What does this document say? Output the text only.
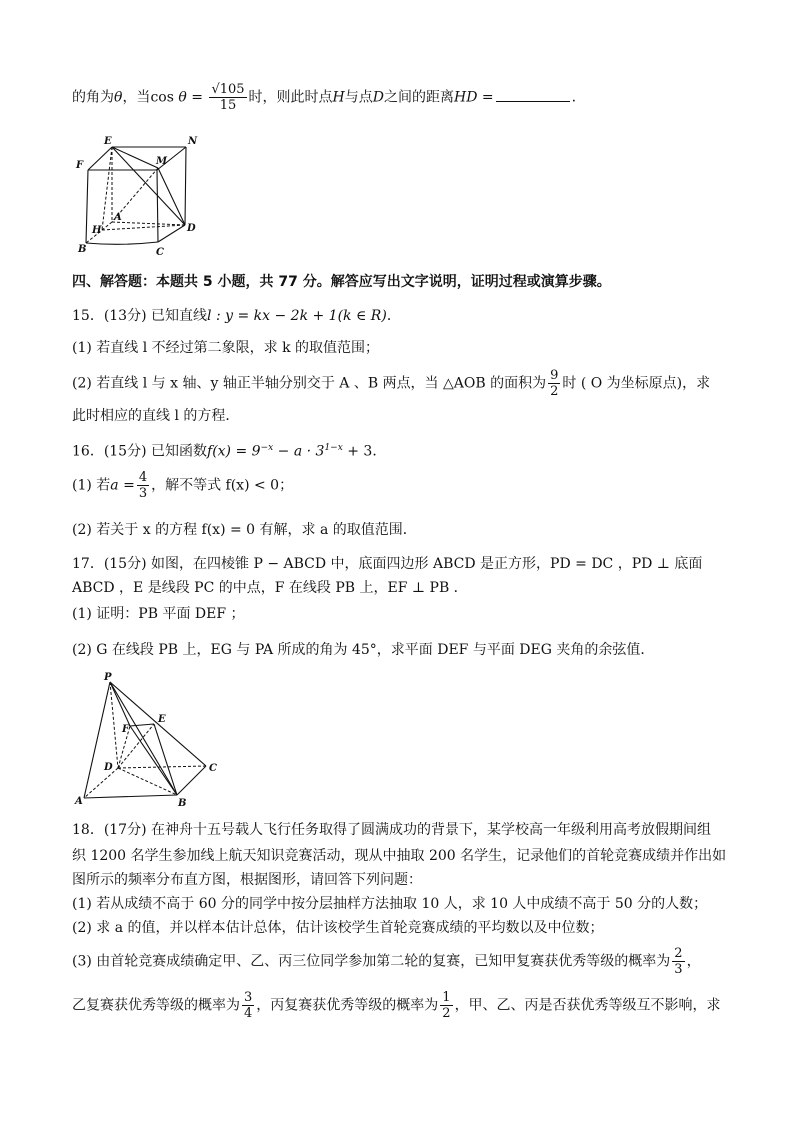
的角为θ，当$\cos \theta = \frac{√105}{15}$ 时，则此时点H与点D之间的距离HD =	.
E	N
F	M
A
H	D
B	C
四、解答题：本题共 5 小题，共 77 分。解答应写出文字说明，证明过程或演算步骤。
15．(13分) 已知直线l : y = kx − 2k + 1(k ∈ R)．
(1) 若直线 l 不经过第二象限，求 k 的取值范围；
(2) 若直线 l 与 x 轴、y 轴正半轴分别交于 A 、B 两点，当 △AOB 的面积为 $\frac{9}{2}$ 时 ( O 为坐标原点)，求
此时相应的直线 l 的方程．
16．(15分) 已知函数$f(x) = 9^{-x} - a \cdot 3^{1-x} + 3$．
(1) 若$a = \frac{4}{3}$ ，解不等式 f(x) < 0；
(2) 若关于 x 的方程 f(x) = 0 有解，求 a 的取值范围．
17．(15分) 如图，在四棱锥 P − ABCD 中，底面四边形 ABCD 是正方形，PD = DC ，PD ⊥ 底面
ABCD ，E 是线段 PC 的中点，F 在线段 PB 上，EF ⊥ PB ．
(1) 证明：PB 平面 DEF ；
(2) G 在线段 PB 上，EG 与 PA 所成的角为 45°，求平面 DEF 与平面 DEG 夹角的余弦值．
P
E
F
D	C
A	B
18．(17分) 在神舟十五号载人飞行任务取得了圆满成功的背景下，某学校高一年级利用高考放假期间组
织 1200 名学生参加线上航天知识竞赛活动，现从中抽取 200 名学生，记录他们的首轮竞赛成绩并作出如
图所示的频率分布直方图，根据图形，请回答下列问题：
(1) 若从成绩不高于 60 分的同学中按分层抽样方法抽取 10 人，求 10 人中成绩不高于 50 分的人数；
(2) 求 a 的值，并以样本估计总体，估计该校学生首轮竞赛成绩的平均数以及中位数；
(3) 由首轮竞赛成绩确定甲、乙、丙三位同学参加第二轮的复赛，已知甲复赛获优秀等级的概率为 $\frac{2}{3}$ ，
乙复赛获优秀等级的概率为 $\frac{3}{4}$ ，丙复赛获优秀等级的概率为 $\frac{1}{2}$ ，甲、乙、丙是否获优秀等级互不影响，求
